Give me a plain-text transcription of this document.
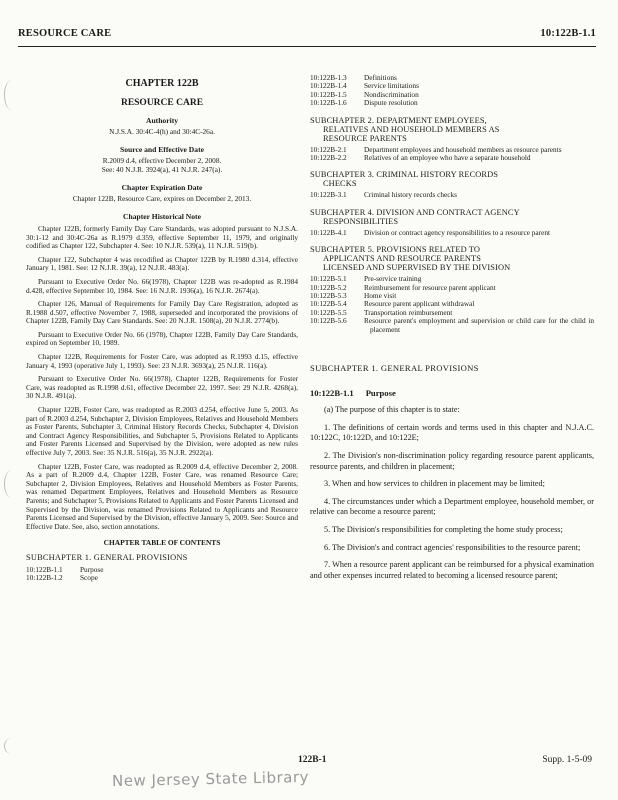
RESOURCE CARE	10:122B-1.1
CHAPTER 122B
RESOURCE CARE
Authority

N.J.S.A. 30:4C-4(h) and 30:4C-26a.

Source and Effective Date

R.2009 d.4, effective December 2, 2008.

See: 40 N.J.R. 3924(a), 41 N.J.R. 247(a).

Chapter Expiration Date

Chapter 122B, Resource Care, expires on December 2, 2013.

Chapter Historical Note

Chapter 122B, formerly Family Day Care Standards, was adopted pursuant to N.J.S.A. 30:1-12 and 30:4C-26a as R.1979 d.359, effective September 11, 1979, and originally codified as Chapter 122, Subchapter 4. See: 10 N.J.R. 539(a), 11 N.J.R. 519(b).

Chapter 122, Subchapter 4 was recodified as Chapter 122B by R.1980 d.314, effective January 1, 1981. See: 12 N.J.R. 39(a), 12 N.J.R. 483(a).

Pursuant to Executive Order No. 66(1978), Chapter 122B was re-adopted as R.1984 d.428, effective September 10, 1984. See: 16 N.J.R. 1936(a), 16 N.J.R. 2674(a).

Chapter 126, Manual of Requirements for Family Day Care Registration, adopted as R.1988 d.507, effective November 7, 1988, superseded and incorporated the provisions of Chapter 122B, Family Day Care Standards. See: 20 N.J.R. 1508(a), 20 N.J.R. 2774(b).

Pursuant to Executive Order No. 66 (1978), Chapter 122B, Family Day Care Standards, expired on September 10, 1989.

Chapter 122B, Requirements for Foster Care, was adopted as R.1993 d.15, effective January 4, 1993 (operative July 1, 1993). See: 23 N.J.R. 3693(a), 25 N.J.R. 116(a).

Pursuant to Executive Order No. 66(1978), Chapter 122B, Requirements for Foster Care, was readopted as R.1998 d.61, effective December 22, 1997. See: 29 N.J.R. 4268(a), 30 N.J.R. 491(a).

Chapter 122B, Foster Care, was readopted as R.2003 d.254, effective June 5, 2003. As part of R.2003 d.254, Subchapter 2, Division Employees, Relatives and Household Members as Foster Parents, Subchapter 3, Criminal History Records Checks, Subchapter 4, Division and Contract Agency Responsibilities, and Subchapter 5, Provisions Related to Applicants and Foster Parents Licensed and Supervised by the Division, were adopted as new rules effective July 7, 2003. See: 35 N.J.R. 516(a), 35 N.J.R. 2922(a).

Chapter 122B, Foster Care, was readopted as R.2009 d.4, effective December 2, 2008. As a part of R.2009 d.4, Chapter 122B, Foster Care, was renamed Resource Care; Subchapter 2, Division Employees, Relatives and Household Members as Foster Parents, was renamed Department Employees, Relatives and Household Members as Resource Parents; and Subchapter 5, Provisions Related to Applicants and Foster Parents Licensed and Supervised by the Division, was renamed Provisions Related to Applicants and Resource Parents Licensed and Supervised by the Division, effective January 5, 2009. See: Source and Effective Date. See, also, section annotations.

CHAPTER TABLE OF CONTENTS
SUBCHAPTER 1. GENERAL PROVISIONS
10:122B-1.1	Purpose
10:122B-1.2	Scope
10:122B-1.3	Definitions
10:122B-1.4	Service limitations
10:122B-1.5	Nondiscrimination
10:122B-1.6	Dispute resolution
SUBCHAPTER 2. DEPARTMENT EMPLOYEES,
RELATIVES AND HOUSEHOLD MEMBERS AS
RESOURCE PARENTS
10:122B-2.1	Department employees and household members as resource parents
10:122B-2.2	Relatives of an employee who have a separate household
SUBCHAPTER 3. CRIMINAL HISTORY RECORDS
CHECKS
10:122B-3.1	Criminal history records checks
SUBCHAPTER 4. DIVISION AND CONTRACT AGENCY
RESPONSIBILITIES
10:122B-4.1	Division or contract agency responsibilities to a resource parent
SUBCHAPTER 5. PROVISIONS RELATED TO
APPLICANTS AND RESOURCE PARENTS
LICENSED AND SUPERVISED BY THE DIVISION
10:122B-5.1	Pre-service training
10:122B-5.2	Reimbursement for resource parent applicant
10:122B-5.3	Home visit
10:122B-5.4	Resource parent applicant withdrawal
10:122B-5.5	Transportation reimbursement
10:122B-5.6	Resource parent's employment and supervision or child care for the child in placement
SUBCHAPTER 1. GENERAL PROVISIONS
10:122B-1.1 Purpose

(a) The purpose of this chapter is to state:

1. The definitions of certain words and terms used in this chapter and N.J.A.C. 10:122C, 10:122D, and 10:122E;

2. The Division's non-discrimination policy regarding resource parent applicants, resource parents, and children in placement;

3. When and how services to children in placement may be limited;

4. The circumstances under which a Department employee, household member, or relative can become a resource parent;

5. The Division's responsibilities for completing the home study process;

6. The Division's and contract agencies' responsibilities to the resource parent;

7. When a resource parent applicant can be reimbursed for a physical examination and other expenses incurred related to becoming a licensed resource parent;

122B-1	Supp. 1-5-09
New Jersey State Library
